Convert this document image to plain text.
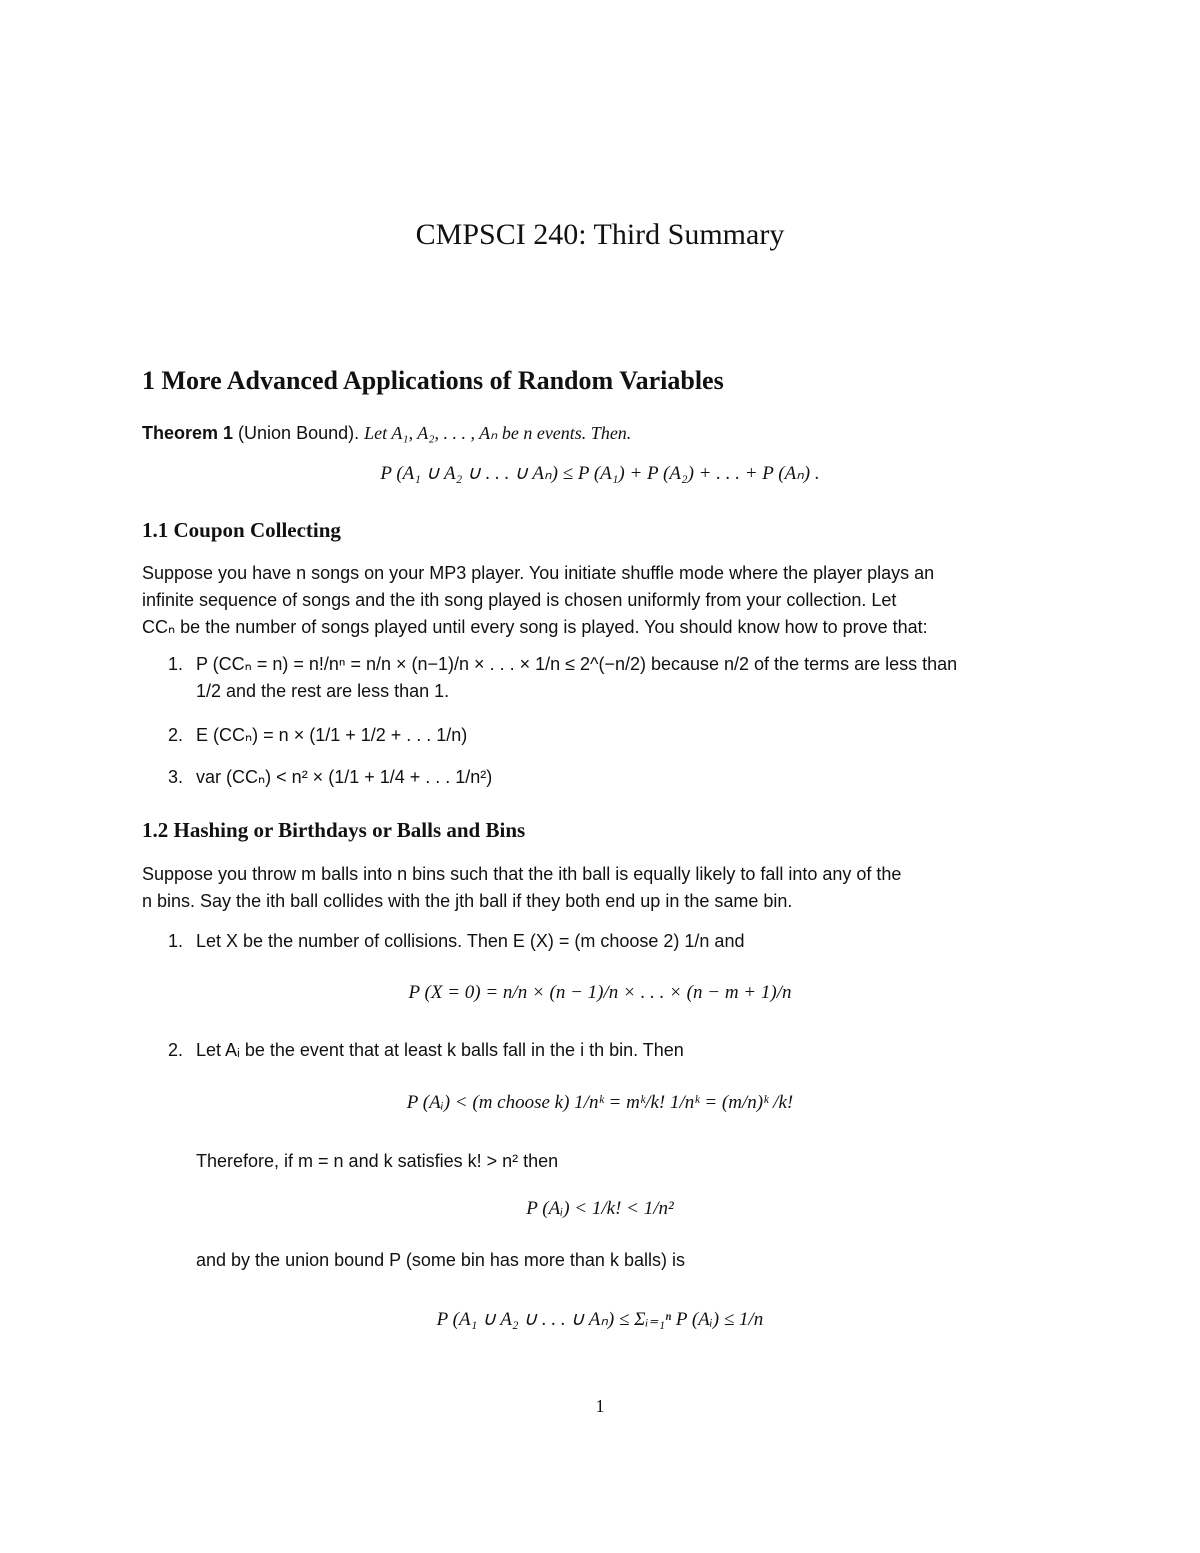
CMPSCI 240: Third Summary
1 More Advanced Applications of Random Variables
Theorem 1 (Union Bound). Let A₁, A₂, . . . , Aₙ be n events. Then.
P (A₁ ∪ A₂ ∪ . . . ∪ Aₙ) ≤ P (A₁) + P (A₂) + . . . + P (Aₙ) .
1.1 Coupon Collecting
Suppose you have n songs on your MP3 player. You initiate shuffle mode where the player plays an
infinite sequence of songs and the ith song played is chosen uniformly from your collection. Let
CCₙ be the number of songs played until every song is played. You should know how to prove that:
1. P (CCₙ = n) = n!/nⁿ = n/n × (n−1)/n × . . . × 1/n ≤ 2^(−n/2) because n/2 of the terms are less than
1/2 and the rest are less than 1.
2. E (CCₙ) = n × (1/1 + 1/2 + . . . 1/n)
3. var (CCₙ) < n² × (1/1 + 1/4 + . . . 1/n²)
1.2 Hashing or Birthdays or Balls and Bins
Suppose you throw m balls into n bins such that the ith ball is equally likely to fall into any of the
n bins. Say the ith ball collides with the jth ball if they both end up in the same bin.
1. Let X be the number of collisions. Then E (X) = (m choose 2) 1/n and
P (X = 0) = n/n × (n − 1)/n × . . . × (n − m + 1)/n
2. Let Aᵢ be the event that at least k balls fall in the i th bin. Then
P (Aᵢ) < (m choose k) 1/nᵏ = mᵏ/k! 1/nᵏ = (m/n)ᵏ /k!
Therefore, if m = n and k satisfies k! > n² then
P (Aᵢ) < 1/k! < 1/n²
and by the union bound P (some bin has more than k balls) is
P (A₁ ∪ A₂ ∪ . . . ∪ Aₙ) ≤ Σᵢ₌₁ⁿ P (Aᵢ) ≤ 1/n
1
